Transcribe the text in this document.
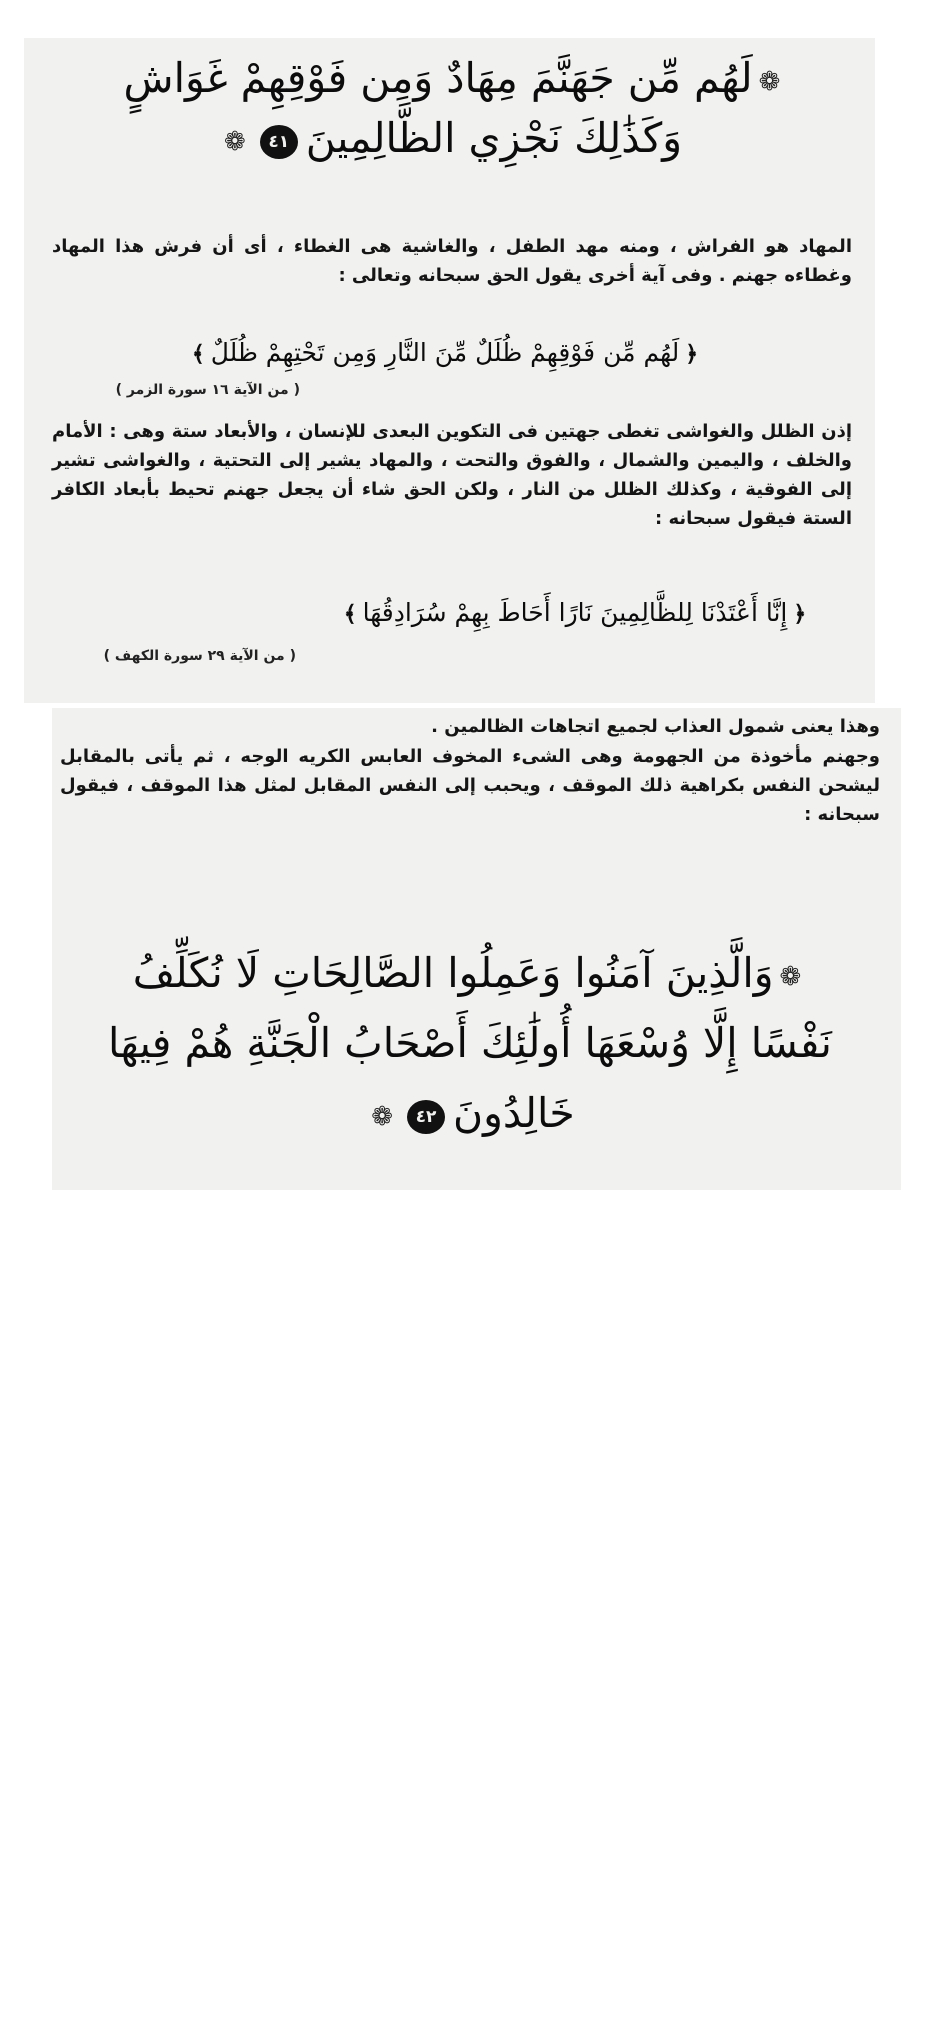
❁لَهُم مِّن جَهَنَّمَ مِهَادٌ وَمِن فَوْقِهِمْ غَوَاشٍ
وَكَذَٰلِكَ نَجْزِي الظَّالِمِينَ٤١❁
المهاد هو الفراش ، ومنه مهد الطفل ، والغاشية هى الغطاء ، أى أن فرش هذا المهاد وغطاءه جهنم . وفى آية أخرى يقول الحق سبحانه وتعالى :
﴿لَهُم مِّن فَوْقِهِمْ ظُلَلٌ مِّنَ النَّارِ وَمِن تَحْتِهِمْ ظُلَلٌ﴾
( من الآية ١٦ سورة الزمر )
إذن الظلل والغواشى تغطى جهتين فى التكوين البعدى للإنسان ، والأبعاد ستة وهى : الأمام والخلف ، واليمين والشمال ، والفوق والتحت ، والمهاد يشير إلى التحتية ، والغواشى تشير إلى الفوقية ، وكذلك الظلل من النار ، ولكن الحق شاء أن يجعل جهنم تحيط بأبعاد الكافر الستة فيقول سبحانه :
﴿إِنَّا أَعْتَدْنَا لِلظَّالِمِينَ نَارًا أَحَاطَ بِهِمْ سُرَادِقُهَا﴾
( من الآية ٢٩ سورة الكهف )
وهذا يعنى شمول العذاب لجميع اتجاهات الظالمين .
وجهنم مأخوذة من الجهومة وهى الشىء المخوف العابس الكريه الوجه ، ثم يأتى بالمقابل ليشحن النفس بكراهية ذلك الموقف ، ويحبب إلى النفس المقابل لمثل هذا الموقف ، فيقول سبحانه :
❁وَالَّذِينَ آمَنُوا وَعَمِلُوا الصَّالِحَاتِ لَا نُكَلِّفُ
نَفْسًا إِلَّا وُسْعَهَا أُولَٰئِكَ أَصْحَابُ الْجَنَّةِ هُمْ فِيهَا
خَالِدُونَ٤٢❁
